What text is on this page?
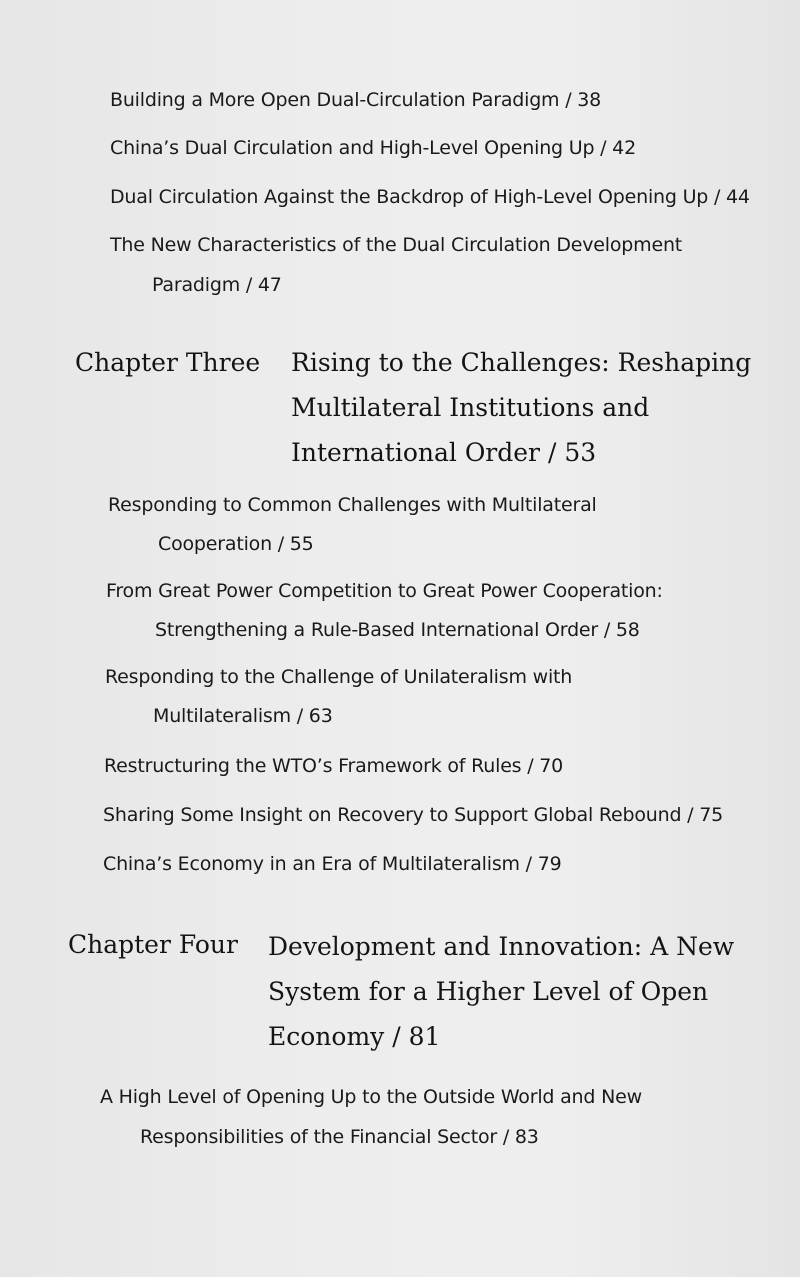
Building a More Open Dual-Circulation Paradigm / 38
China’s Dual Circulation and High-Level Opening Up / 42
Dual Circulation Against the Backdrop of High-Level Opening Up / 44
The New Characteristics of the Dual Circulation Development
Paradigm / 47
Chapter Three Rising to the Challenges: Reshaping
Multilateral Institutions and
International Order / 53
Responding to Common Challenges with Multilateral
Cooperation / 55
From Great Power Competition to Great Power Cooperation:
Strengthening a Rule-Based International Order / 58
Responding to the Challenge of Unilateralism with
Multilateralism / 63
Restructuring the WTO’s Framework of Rules / 70
Sharing Some Insight on Recovery to Support Global Rebound / 75
China’s Economy in an Era of Multilateralism / 79
Chapter Four Development and Innovation: A New
System for a Higher Level of Open
Economy / 81
A High Level of Opening Up to the Outside World and New
Responsibilities of the Financial Sector / 83
